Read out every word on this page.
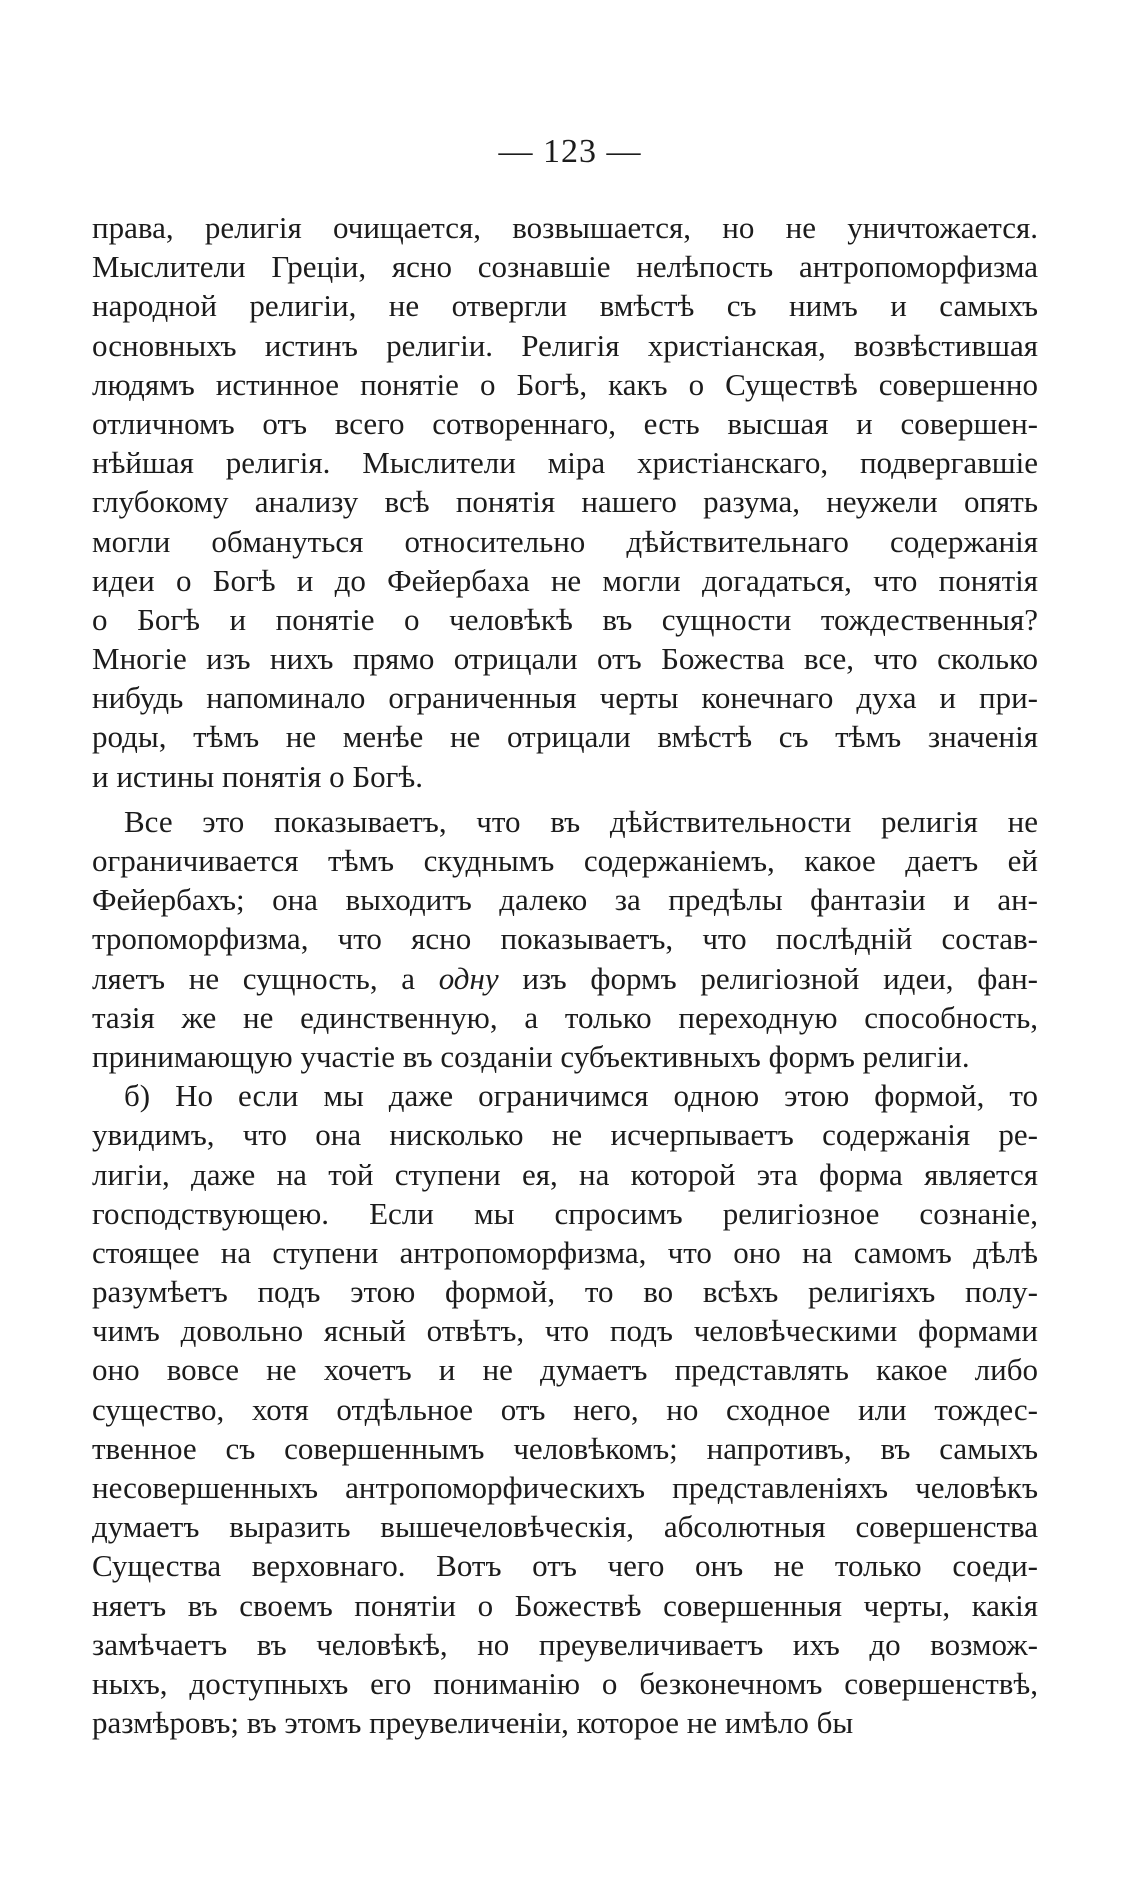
— 123 —
права, религія очищается, возвышается, но не уничтожается.
Мыслители Греціи, ясно сознавшіе нелѣпость антропоморфизма
народной религіи, не отвергли вмѣстѣ съ нимъ и самыхъ
основныхъ истинъ религіи. Религія христіанская, возвѣстившая
людямъ истинное понятіе о Богѣ, какъ о Существѣ совершенно
отличномъ отъ всего сотвореннаго, есть высшая и совершен-
нѣйшая религія. Мыслители міра христіанскаго, подвергавшіе
глубокому анализу всѣ понятія нашего разума, неужели опять
могли обмануться относительно дѣйствительнаго содержанія
идеи о Богѣ и до Фейербаха не могли догадаться, что понятія
о Богѣ и понятіе о человѣкѣ въ сущности тождественныя?
Многіе изъ нихъ прямо отрицали отъ Божества все, что сколько
нибудь напоминало ограниченныя черты конечнаго духа и при-
роды, тѣмъ не менѣе не отрицали вмѣстѣ съ тѣмъ значенія
и истины понятія о Богѣ.
Все это показываетъ, что въ дѣйствительности религія не
ограничивается тѣмъ скуднымъ содержаніемъ, какое даетъ ей
Фейербахъ; она выходитъ далеко за предѣлы фантазіи и ан-
тропоморфизма, что ясно показываетъ, что послѣдній состав-
ляетъ не сущность, а одну изъ формъ религіозной идеи, фан-
тазія же не единственную, а только переходную способность,
принимающую участіе въ созданіи субъективныхъ формъ религіи.
б) Но если мы даже ограничимся одною этою формой, то
увидимъ, что она нисколько не исчерпываетъ содержанія ре-
лигіи, даже на той ступени ея, на которой эта форма является
господствующею. Если мы спросимъ религіозное сознаніе,
стоящее на ступени антропоморфизма, что оно на самомъ дѣлѣ
разумѣетъ подъ этою формой, то во всѣхъ религіяхъ полу-
чимъ довольно ясный отвѣтъ, что подъ человѣческими формами
оно вовсе не хочетъ и не думаетъ представлять какое либо
существо, хотя отдѣльное отъ него, но сходное или тождес-
твенное съ совершеннымъ человѣкомъ; напротивъ, въ самыхъ
несовершенныхъ антропоморфическихъ представленіяхъ человѣкъ
думаетъ выразить вышечеловѣческія, абсолютныя совершенства
Существа верховнаго. Вотъ отъ чего онъ не только соеди-
няетъ въ своемъ понятіи о Божествѣ совершенныя черты, какія
замѣчаетъ въ человѣкѣ, но преувеличиваетъ ихъ до возмож-
ныхъ, доступныхъ его пониманію о безконечномъ совершенствѣ,
размѣровъ; въ этомъ преувеличеніи, которое не имѣло бы
